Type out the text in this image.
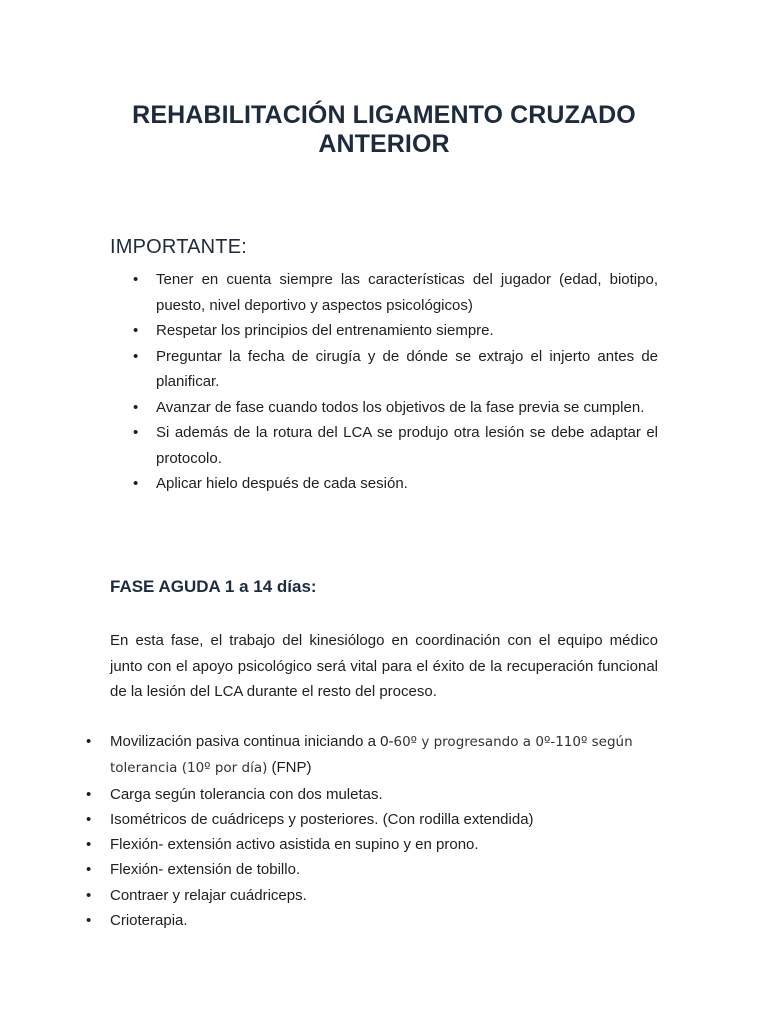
REHABILITACIÓN LIGAMENTO CRUZADO
ANTERIOR
IMPORTANTE:
• Tener en cuenta siempre las características del jugador (edad, biotipo, puesto, nivel deportivo y aspectos psicológicos)
• Respetar los principios del entrenamiento siempre.
• Preguntar la fecha de cirugía y de dónde se extrajo el injerto antes de planificar.
• Avanzar de fase cuando todos los objetivos de la fase previa se cumplen.
• Si además de la rotura del LCA se produjo otra lesión se debe adaptar el protocolo.
• Aplicar hielo después de cada sesión.
FASE AGUDA 1 a 14 días:

En esta fase, el trabajo del kinesiólogo en coordinación con el equipo médico junto con el apoyo psicológico será vital para el éxito de la recuperación funcional de la lesión del LCA durante el resto del proceso.

• Movilización pasiva continua iniciando a 0-60º y progresando a 0º-110º según tolerancia (10º por día) (FNP)
• Carga según tolerancia con dos muletas.
• Isométricos de cuádriceps y posteriores. (Con rodilla extendida)
• Flexión- extensión activo asistida en supino y en prono.
• Flexión- extensión de tobillo.
• Contraer y relajar cuádriceps.
• Crioterapia.
